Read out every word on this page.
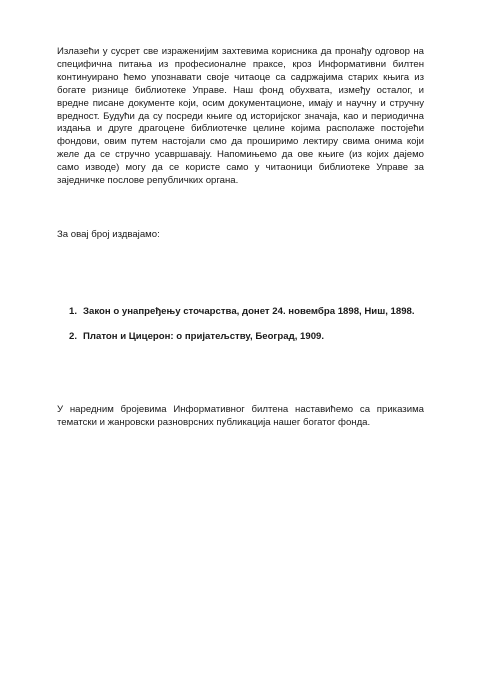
Излазећи у сусрет све израженијим захтевима корисника да пронађу одговор на специфична питања из професионалне праксе, кроз Информативни билтен континуирано ћемо упознавати своје читаоце са садржајима старих књига из богате ризнице библиотеке Управе. Наш фонд обухвата, између осталог, и вредне писане документе који, осим документационе, имају и научну и стручну вредност. Будући да су посреди књиге од историјског значаја, као и периодична издања и друге драгоцене библиотечке целине којима располаже постојећи фондови, овим путем настојали смо да проширимо лектиру свима онима који желе да се стручно усавршавају. Напомињемо да ове књиге (из којих дајемо само изводе) могу да се користе само у читаоници библиотеке Управе за заједничке послове републичких органа.

За овај број издвајамо:

1. Закон о унапређењу сточарства, донет 24. новембра 1898, Ниш, 1898.
2. Платон и Цицерон: о пријатељству, Београд, 1909.

У наредним бројевима Информативног билтена наставићемо са приказима тематски и жанровски разноврсних публикација нашег богатог фонда.
